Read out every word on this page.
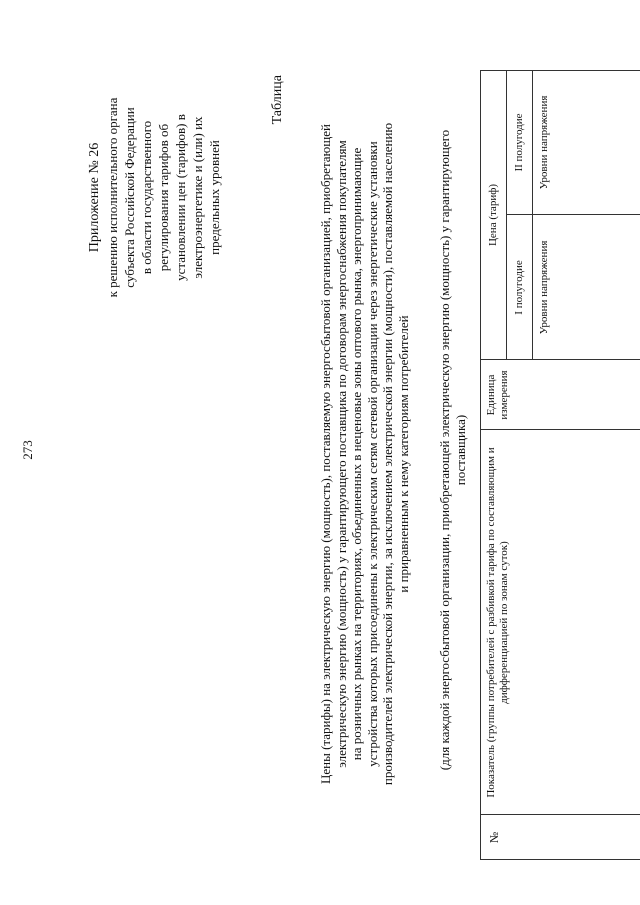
273
Приложение № 26 к решению исполнительного органа субъекта Российской Федерации в области государственного регулирования тарифов об установлении цен (тарифов) в электроэнергетике и (или) их предельных уровней
Таблица
Цены (тарифы) на электрическую энергию (мощность), поставляемую энергосбытовой организацией, приобретающей электрическую энергию (мощность) у гарантирующего поставщика по договорам энергоснабжения покупателям на розничных рынках на территориях, объединенных в неценовые зоны оптового рынка, энергопринимающие устройства которых присоединены к электрическим сетям сетевой организации через энергетические установки производителей электрической энергии, за исключением электрической энергии (мощности), поставляемой населению и приравненным к нему категориям потребителей (для каждой энергосбытовой организации, приобретающей электрическую энергию (мощность) у гарантирующего поставщика)
№
Показатель (группы потребителей с разбивкой тарифа по составляющим и дифференциацией по зонам суток)
Единица измерения
Цена (тариф)
I полугодие
II полугодие
Уровни напряжения
Уровни напряжения
